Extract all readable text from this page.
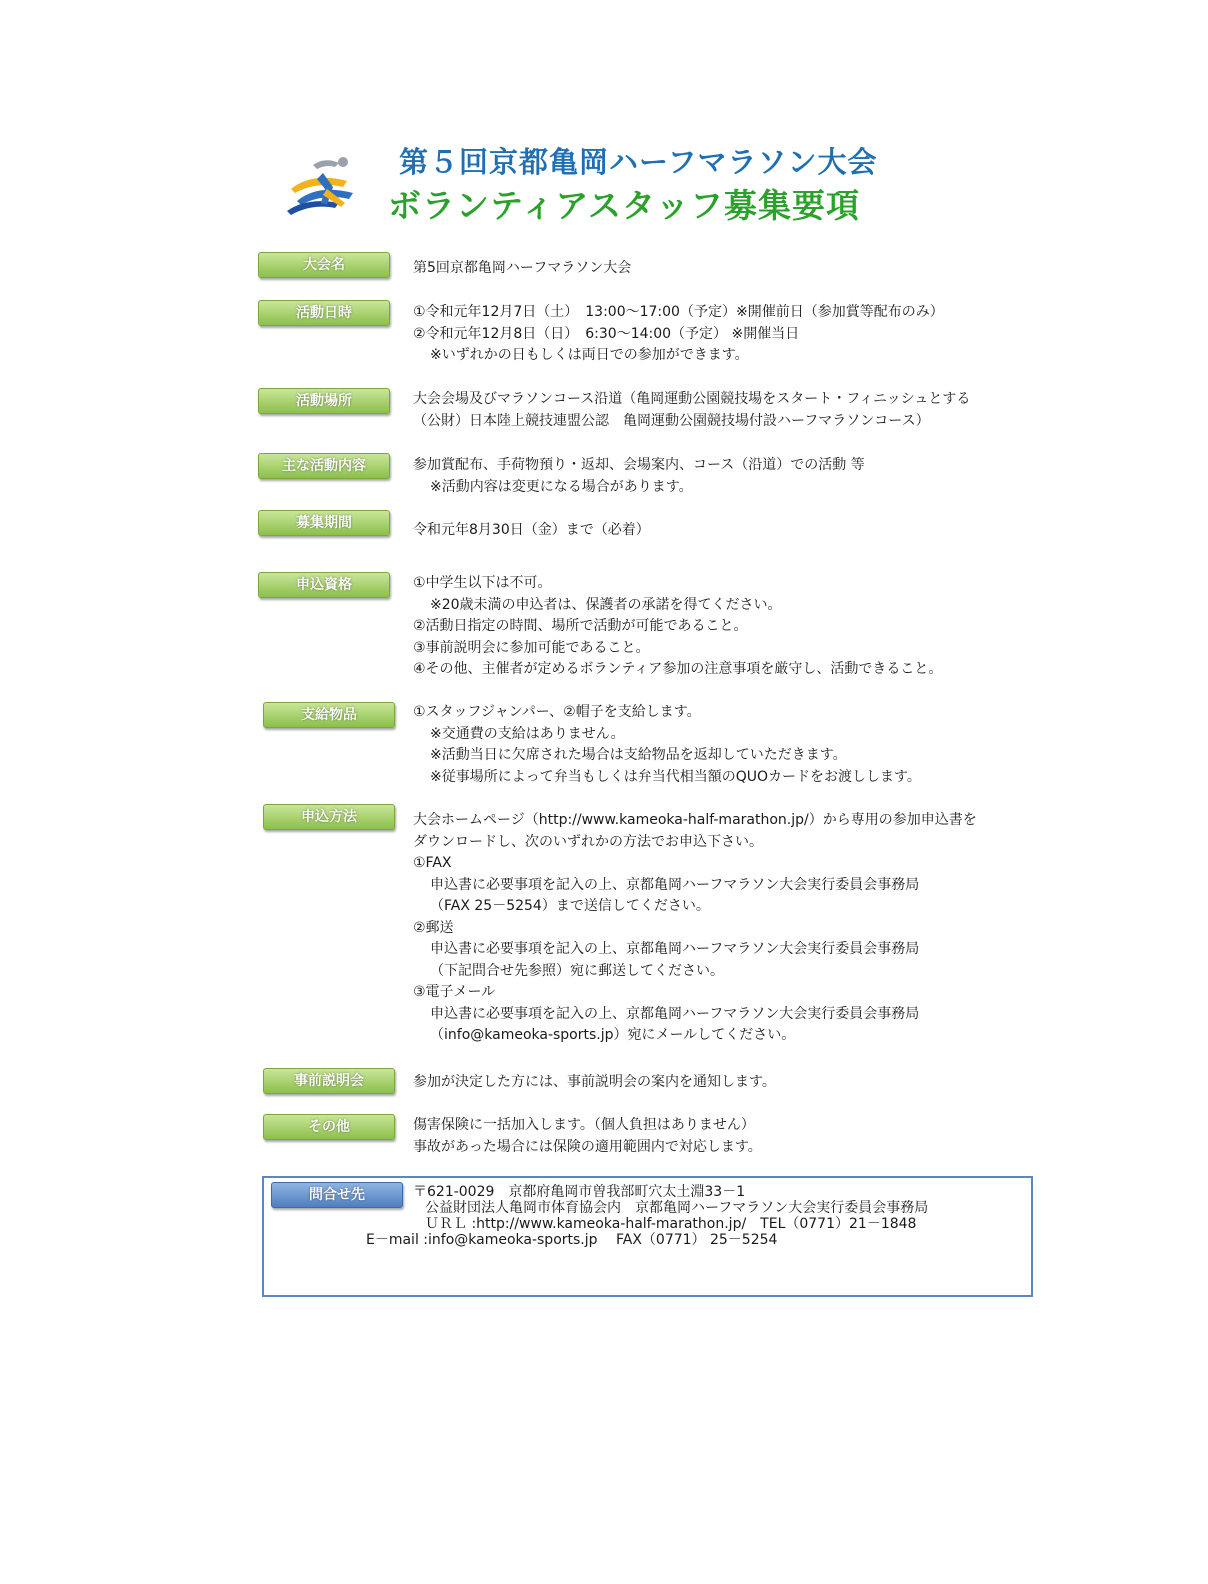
第５回京都亀岡ハーフマラソン大会
ボランティアスタッフ募集要項
大会名	第5回京都亀岡ハーフマラソン大会
活動日時	①令和元年12月7日（土）　13:00～17:00（予定）※開催前日（参加賞等配布のみ）
②令和元年12月8日（日）　6:30～14:00（予定） ※開催当日
※いずれかの日もしくは両日での参加ができます。
活動場所	大会会場及びマラソンコース沿道（亀岡運動公園競技場をスタート・フィニッシュとする
（公財）日本陸上競技連盟公認　亀岡運動公園競技場付設ハーフマラソンコース）
主な活動内容	参加賞配布、手荷物預り・返却、会場案内、コース（沿道）での活動 等
※活動内容は変更になる場合があります。
募集期間	令和元年8月30日（金）まで（必着）
申込資格	①中学生以下は不可。
※20歳未満の申込者は、保護者の承諾を得てください。
②活動日指定の時間、場所で活動が可能であること。
③事前説明会に参加可能であること。
④その他、主催者が定めるボランティア参加の注意事項を厳守し、活動できること。
支給物品	①スタッフジャンパー、②帽子を支給します。
※交通費の支給はありません。
※活動当日に欠席された場合は支給物品を返却していただきます。
※従事場所によって弁当もしくは弁当代相当額のQUOカードをお渡しします。
申込方法	大会ホームページ（http://www.kameoka-half-marathon.jp/）から専用の参加申込書を
ダウンロードし、次のいずれかの方法でお申込下さい。
①FAX
申込書に必要事項を記入の上、京都亀岡ハーフマラソン大会実行委員会事務局
（FAX 25－5254）まで送信してください。
②郵送
申込書に必要事項を記入の上、京都亀岡ハーフマラソン大会実行委員会事務局
（下記問合せ先参照）宛に郵送してください。
③電子メール
申込書に必要事項を記入の上、京都亀岡ハーフマラソン大会実行委員会事務局
（info@kameoka-sports.jp）宛にメールしてください。
事前説明会	参加が決定した方には、事前説明会の案内を通知します。
その他	傷害保険に一括加入します。（個人負担はありません）
事故があった場合には保険の適用範囲内で対応します。
問合せ先	〒621-0029　京都府亀岡市曽我部町穴太土淵33－1
公益財団法人亀岡市体育協会内　京都亀岡ハーフマラソン大会実行委員会事務局
ＵＲＬ :http://www.kameoka-half-marathon.jp/　TEL（0771）21－1848
E－mail :info@kameoka-sports.jp　 FAX（0771） 25－5254
